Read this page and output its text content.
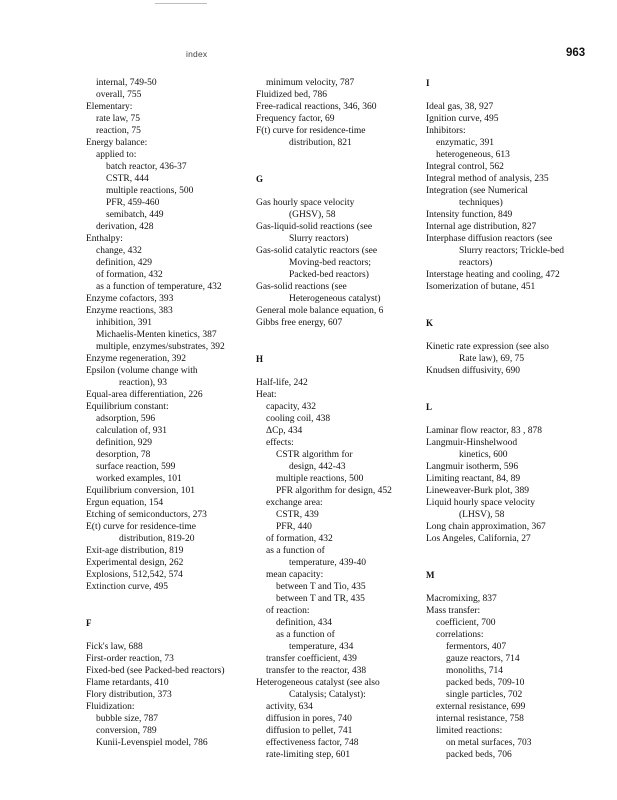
index	963
internal, 749-50
overall, 755
Elementary:
rate law, 75
reaction, 75
Energy balance:
applied to:
batch reactor, 436-37
CSTR, 444
multiple reactions, 500
PFR, 459-460
semibatch, 449
derivation, 428
Enthalpy:
change, 432
definition, 429
of formation, 432
as a function of temperature, 432
Enzyme cofactors, 393
Enzyme reactions, 383
inhibition, 391
Michaelis-Menten kinetics, 387
multiple, enzymes/substrates, 392
Enzyme regeneration, 392
Epsilon (volume change with
reaction), 93
Equal-area differentiation, 226
Equilibrium constant:
adsorption, 596
calculation of, 931
definition, 929
desorption, 78
surface reaction, 599
worked examples, 101
Equilibrium conversion, 101
Ergun equation, 154
Etching of semiconductors, 273
E(t) curve for residence-time
distribution, 819-20
Exit-age distribution, 819
Experimental design, 262
Explosions, 512,542, 574
Extinction curve, 495
F
Fick's law, 688
First-order reaction, 73
Fixed-bed (see Packed-bed reactors)
Flame retardants, 410
Flory distribution, 373
Fluidization:
bubble size, 787
conversion, 789
Kunii-Levenspiel model, 786
minimum velocity, 787
Fluidized bed, 786
Free-radical reactions, 346, 360
Frequency factor, 69
F(t) curve for residence-time
distribution, 821
G
Gas hourly space velocity
(GHSV), 58
Gas-liquid-solid reactions (see
Slurry reactors)
Gas-solid catalytic reactors (see
Moving-bed reactors;
Packed-bed reactors)
Gas-solid reactions (see
Heterogeneous catalyst)
General mole balance equation, 6
Gibbs free energy, 607
H
Half-life, 242
Heat:
capacity, 432
cooling coil, 438
ΔCp, 434
effects:
CSTR algorithm for
design, 442-43
multiple reactions, 500
PFR algorithm for design, 452
exchange area:
CSTR, 439
PFR, 440
of formation, 432
as a function of
temperature, 439-40
mean capacity:
between T and Tio, 435
between T and TR, 435
of reaction:
definition, 434
as a function of
temperature, 434
transfer coefficient, 439
transfer to the reactor, 438
Heterogeneous catalyst (see also
Catalysis; Catalyst):
activity, 634
diffusion in pores, 740
diffusion to pellet, 741
effectiveness factor, 748
rate-limiting step, 601
I
Ideal gas, 38, 927
Ignition curve, 495
Inhibitors:
enzymatic, 391
heterogeneous, 613
Integral control, 562
Integral method of analysis, 235
Integration (see Numerical
techniques)
Intensity function, 849
Internal age distribution, 827
Interphase diffusion reactors (see
Slurry reactors; Trickle-bed
reactors)
Interstage heating and cooling, 472
Isomerization of butane, 451
K
Kinetic rate expression (see also
Rate law), 69, 75
Knudsen diffusivity, 690
L
Laminar flow reactor, 83 , 878
Langmuir-Hinshelwood
kinetics, 600
Langmuir isotherm, 596
Limiting reactant, 84, 89
Lineweaver-Burk plot, 389
Liquid hourly space velocity
(LHSV), 58
Long chain approximation, 367
Los Angeles, California, 27
M
Macromixing, 837
Mass transfer:
coefficient, 700
correlations:
fermentors, 407
gauze reactors, 714
monoliths, 714
packed beds, 709-10
single particles, 702
external resistance, 699
internal resistance, 758
limited reactions:
on metal surfaces, 703
packed beds, 706
